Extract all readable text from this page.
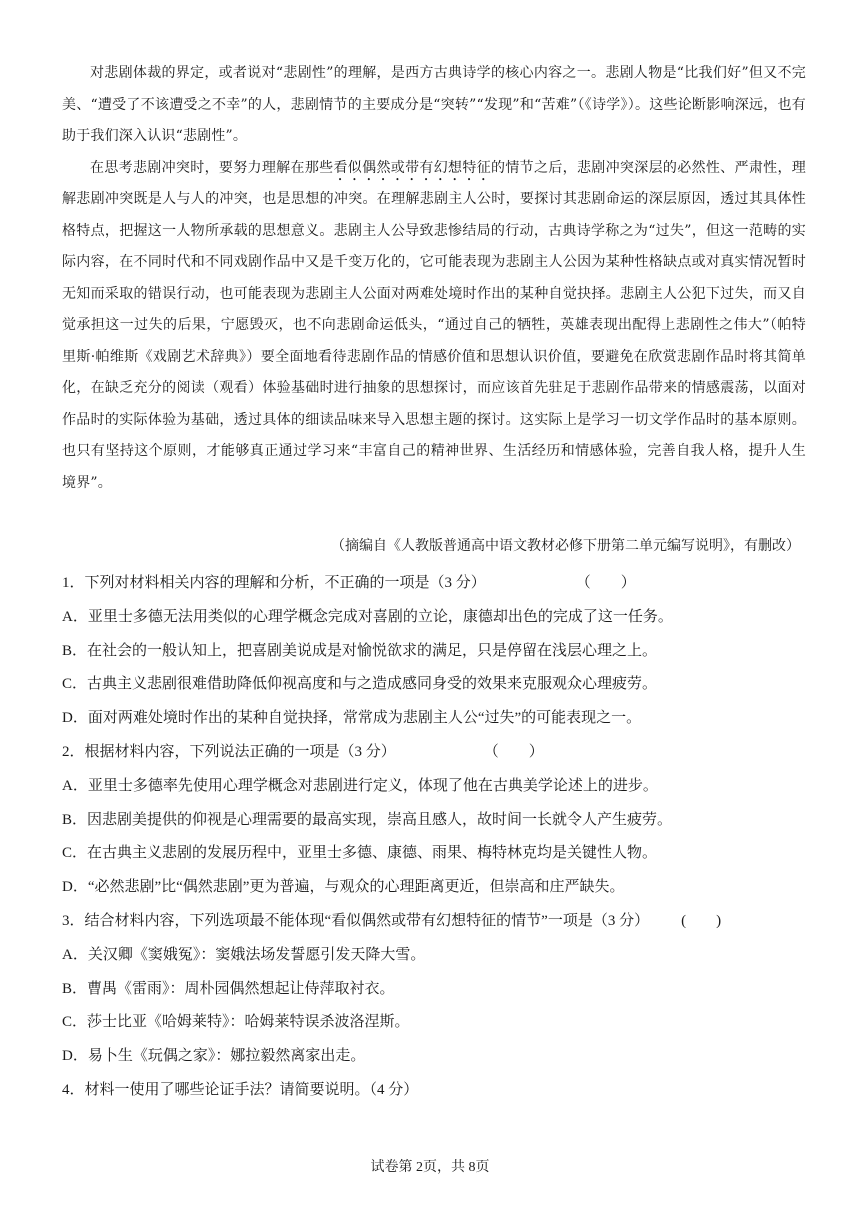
对悲剧体裁的界定，或者说对“悲剧性”的理解，是西方古典诗学的核心内容之一。悲剧人物是“比我们好”但又不完美、“遭受了不该遭受之不幸”的人，悲剧情节的主要成分是“突转”“发现”和“苦难”（《诗学》）。这些论断影响深远，也有助于我们深入认识“悲剧性”。

在思考悲剧冲突时，要努力理解在那些看似偶然或带有幻想特征的情节之后，悲剧冲突深层的必然性、严肃性，理解悲剧冲突既是人与人的冲突，也是思想的冲突。在理解悲剧主人公时，要探讨其悲剧命运的深层原因，透过其具体性格特点，把握这一人物所承载的思想意义。悲剧主人公导致悲惨结局的行动，古典诗学称之为“过失”，但这一范畴的实际内容，在不同时代和不同戏剧作品中又是千变万化的，它可能表现为悲剧主人公因为某种性格缺点或对真实情况暂时无知而采取的错误行动，也可能表现为悲剧主人公面对两难处境时作出的某种自觉抉择。悲剧主人公犯下过失，而又自觉承担这一过失的后果，宁愿毁灭，也不向悲剧命运低头，“通过自己的牺牲，英雄表现出配得上悲剧性之伟大”（帕特里斯·帕维斯《戏剧艺术辞典》）要全面地看待悲剧作品的情感价值和思想认识价值，要避免在欣赏悲剧作品时将其简单化，在缺乏充分的阅读（观看）体验基础时进行抽象的思想探讨，而应该首先驻足于悲剧作品带来的情感震荡，以面对作品时的实际体验为基础，透过具体的细读品味来导入思想主题的探讨。这实际上是学习一切文学作品时的基本原则。也只有坚持这个原则，才能够真正通过学习来“丰富自己的精神世界、生活经历和情感体验，完善自我人格，提升人生境界”。

（摘编自《人教版普通高中语文教材必修下册第二单元编写说明》，有删改）
1．下列对材料相关内容的理解和分析，不正确的一项是（3 分）	（　　）
A．亚里士多德无法用类似的心理学概念完成对喜剧的立论，康德却出色的完成了这一任务。
B．在社会的一般认知上，把喜剧美说成是对愉悦欲求的满足，只是停留在浅层心理之上。
C．古典主义悲剧很难借助降低仰视高度和与之造成感同身受的效果来克服观众心理疲劳。
D．面对两难处境时作出的某种自觉抉择，常常成为悲剧主人公“过失”的可能表现之一。
2．根据材料内容，下列说法正确的一项是（3 分）	（　　）
A．亚里士多德率先使用心理学概念对悲剧进行定义，体现了他在古典美学论述上的进步。
B．因悲剧美提供的仰视是心理需要的最高实现，崇高且感人，故时间一长就令人产生疲劳。
C．在古典主义悲剧的发展历程中，亚里士多德、康德、雨果、梅特林克均是关键性人物。
D．“必然悲剧”比“偶然悲剧”更为普遍，与观众的心理距离更近，但崇高和庄严缺失。
3．结合材料内容，下列选项最不能体现“看似偶然或带有幻想特征的情节”一项是（3 分） (　　)
A．关汉卿《窦娥冤》：窦娥法场发誓愿引发天降大雪。
B．曹禺《雷雨》：周朴园偶然想起让侍萍取衬衣。
C．莎士比亚《哈姆莱特》：哈姆莱特误杀波洛涅斯。
D．易卜生《玩偶之家》：娜拉毅然离家出走。
4．材料一使用了哪些论证手法？请简要说明。（4 分）
试卷第 2页，共 8页
